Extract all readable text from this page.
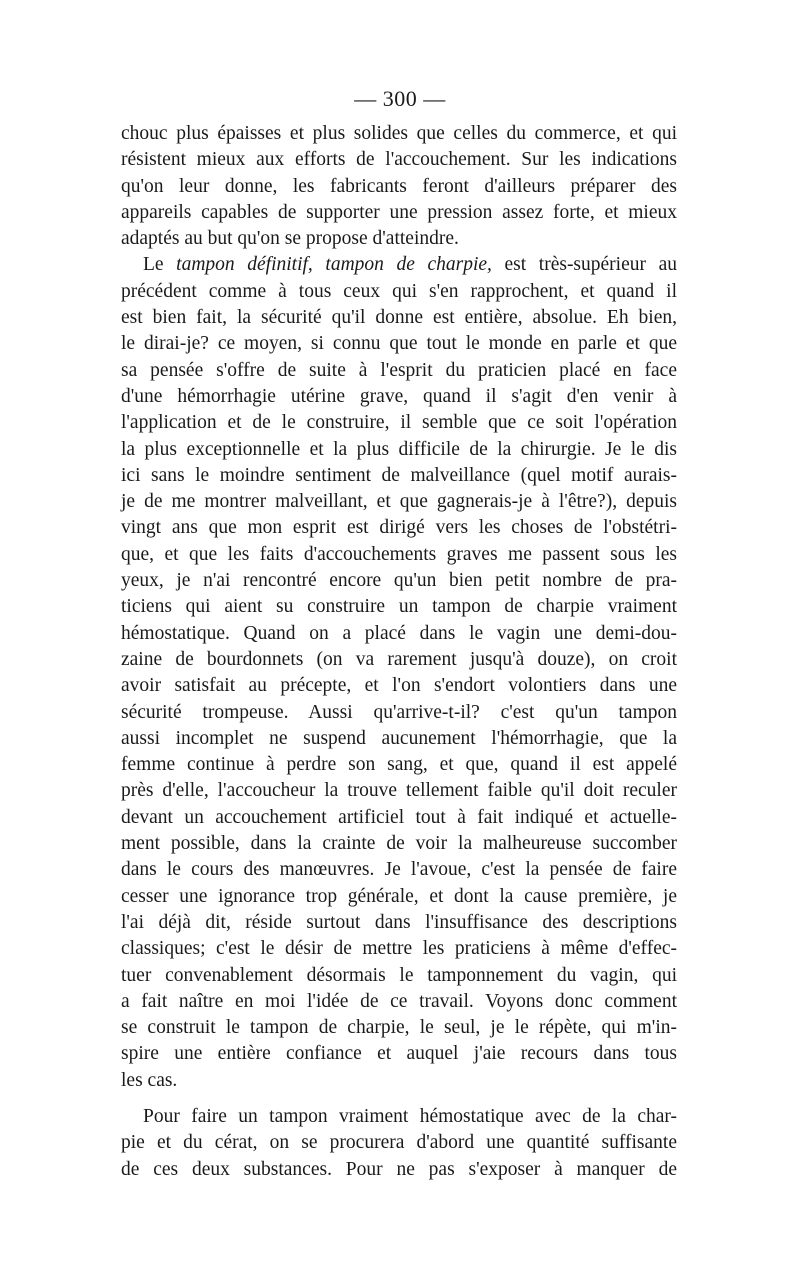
— 300 —
chouc plus épaisses et plus solides que celles du commerce, et qui
résistent mieux aux efforts de l'accouchement. Sur les indications
qu'on leur donne, les fabricants feront d'ailleurs préparer des
appareils capables de supporter une pression assez forte, et mieux
adaptés au but qu'on se propose d'atteindre.
Le tampon définitif, tampon de charpie, est très-supérieur au
précédent comme à tous ceux qui s'en rapprochent, et quand il
est bien fait, la sécurité qu'il donne est entière, absolue. Eh bien,
le dirai-je? ce moyen, si connu que tout le monde en parle et que
sa pensée s'offre de suite à l'esprit du praticien placé en face
d'une hémorrhagie utérine grave, quand il s'agit d'en venir à
l'application et de le construire, il semble que ce soit l'opération
la plus exceptionnelle et la plus difficile de la chirurgie. Je le dis
ici sans le moindre sentiment de malveillance (quel motif aurais-
je de me montrer malveillant, et que gagnerais-je à l'être?), depuis
vingt ans que mon esprit est dirigé vers les choses de l'obstétri-
que, et que les faits d'accouchements graves me passent sous les
yeux, je n'ai rencontré encore qu'un bien petit nombre de pra-
ticiens qui aient su construire un tampon de charpie vraiment
hémostatique. Quand on a placé dans le vagin une demi-dou-
zaine de bourdonnets (on va rarement jusqu'à douze), on croit
avoir satisfait au précepte, et l'on s'endort volontiers dans une
sécurité trompeuse. Aussi qu'arrive-t-il? c'est qu'un tampon
aussi incomplet ne suspend aucunement l'hémorrhagie, que la
femme continue à perdre son sang, et que, quand il est appelé
près d'elle, l'accoucheur la trouve tellement faible qu'il doit reculer
devant un accouchement artificiel tout à fait indiqué et actuelle-
ment possible, dans la crainte de voir la malheureuse succomber
dans le cours des manœuvres. Je l'avoue, c'est la pensée de faire
cesser une ignorance trop générale, et dont la cause première, je
l'ai déjà dit, réside surtout dans l'insuffisance des descriptions
classiques; c'est le désir de mettre les praticiens à même d'effec-
tuer convenablement désormais le tamponnement du vagin, qui
a fait naître en moi l'idée de ce travail. Voyons donc comment
se construit le tampon de charpie, le seul, je le répète, qui m'in-
spire une entière confiance et auquel j'aie recours dans tous
les cas.
Pour faire un tampon vraiment hémostatique avec de la char-
pie et du cérat, on se procurera d'abord une quantité suffisante
de ces deux substances. Pour ne pas s'exposer à manquer de
